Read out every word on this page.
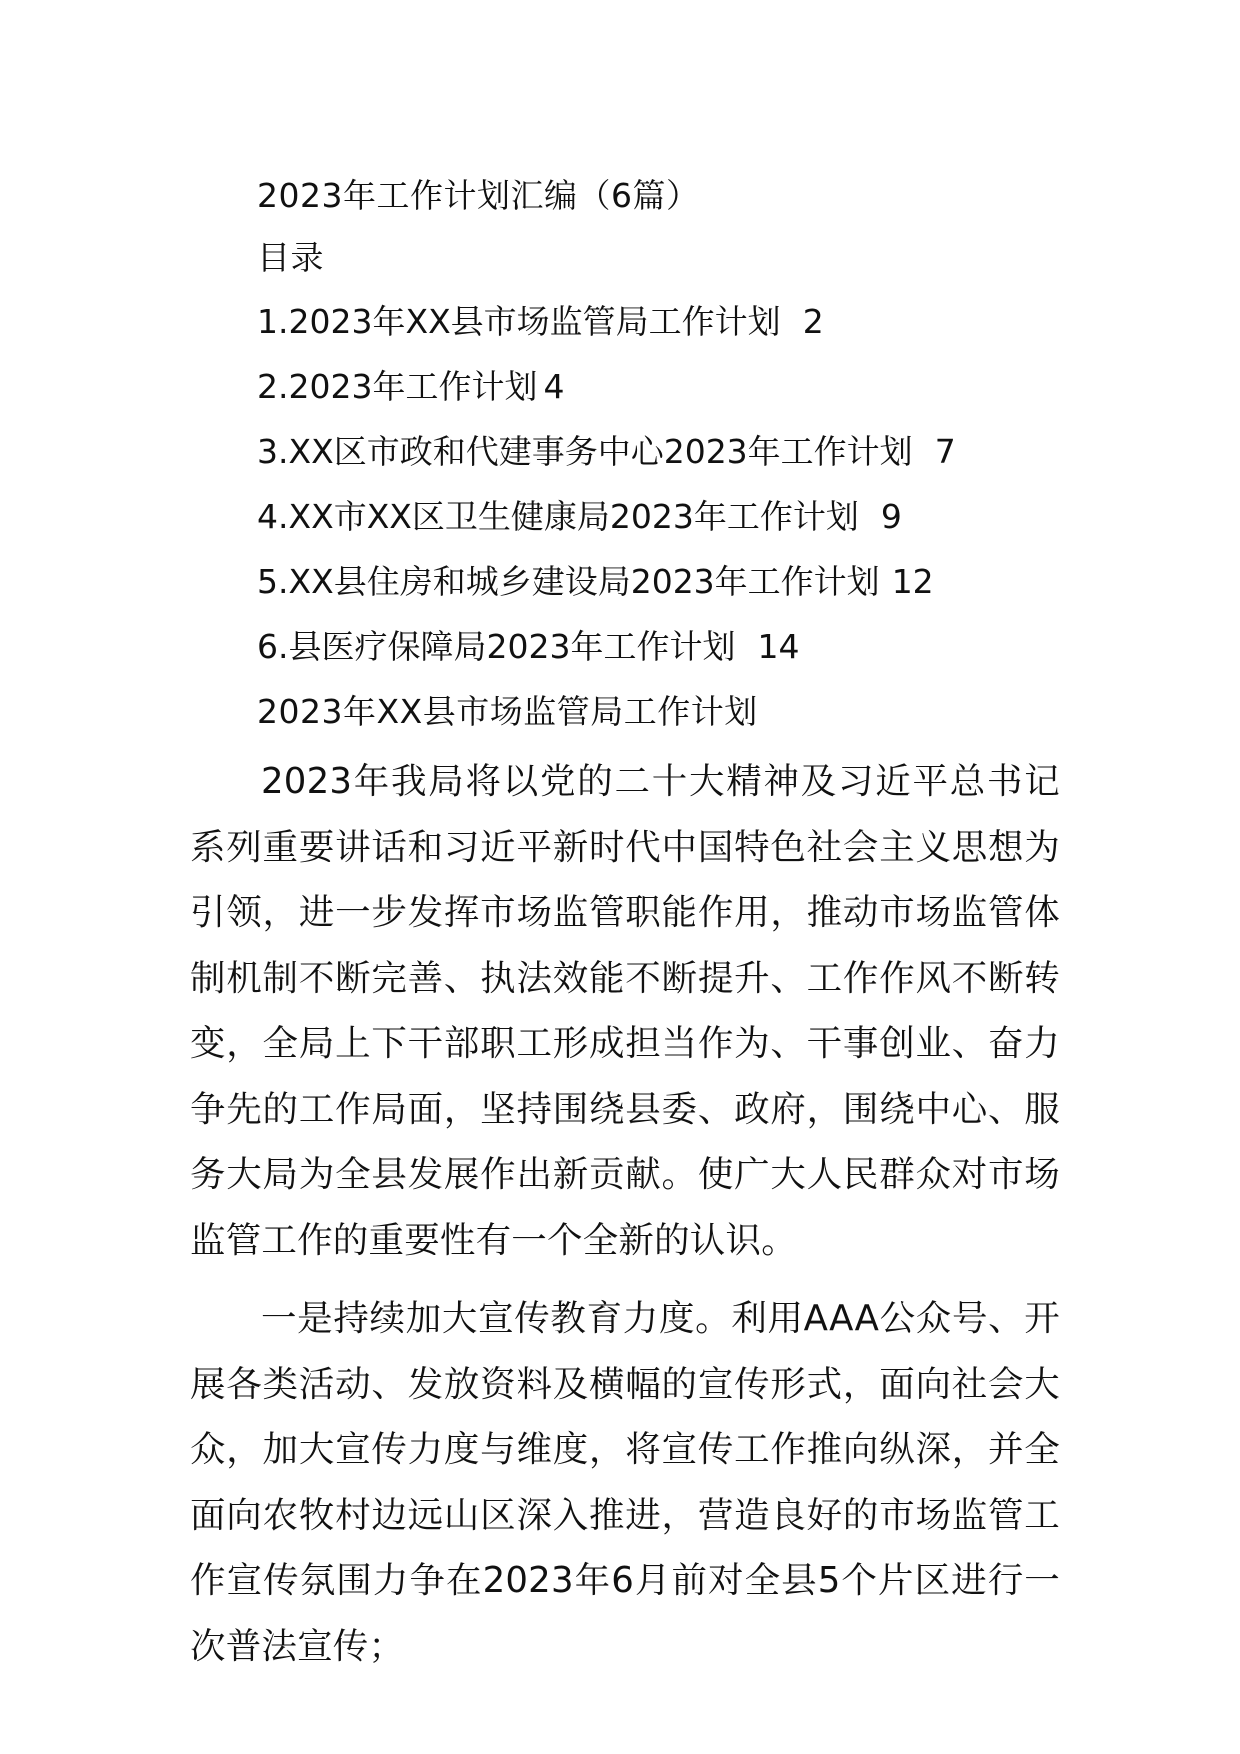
2023年工作计划汇编（6篇）
目录
1.2023年XX县市场监管局工作计划 2
2.2023年工作计划 4
3.XX区市政和代建事务中心2023年工作计划 7
4.XX市XX区卫生健康局2023年工作计划 9
5.XX县住房和城乡建设局2023年工作计划 12
6.县医疗保障局2023年工作计划 14
2023年XX县市场监管局工作计划

2023年我局将以党的二十大精神及习近平总书记系列重要讲话和习近平新时代中国特色社会主义思想为引领，进一步发挥市场监管职能作用，推动市场监管体制机制不断完善、执法效能不断提升、工作作风不断转变，全局上下干部职工形成担当作为、干事创业、奋力争先的工作局面，坚持围绕县委、政府，围绕中心、服务大局为全县发展作出新贡献。使广大人民群众对市场监管工作的重要性有一个全新的认识。

一是持续加大宣传教育力度。利用AAA公众号、开展各类活动、发放资料及横幅的宣传形式，面向社会大众，加大宣传力度与维度，将宣传工作推向纵深，并全面向农牧村边远山区深入推进，营造良好的市场监管工作宣传氛围力争在2023年6月前对全县5个片区进行一次普法宣传；
